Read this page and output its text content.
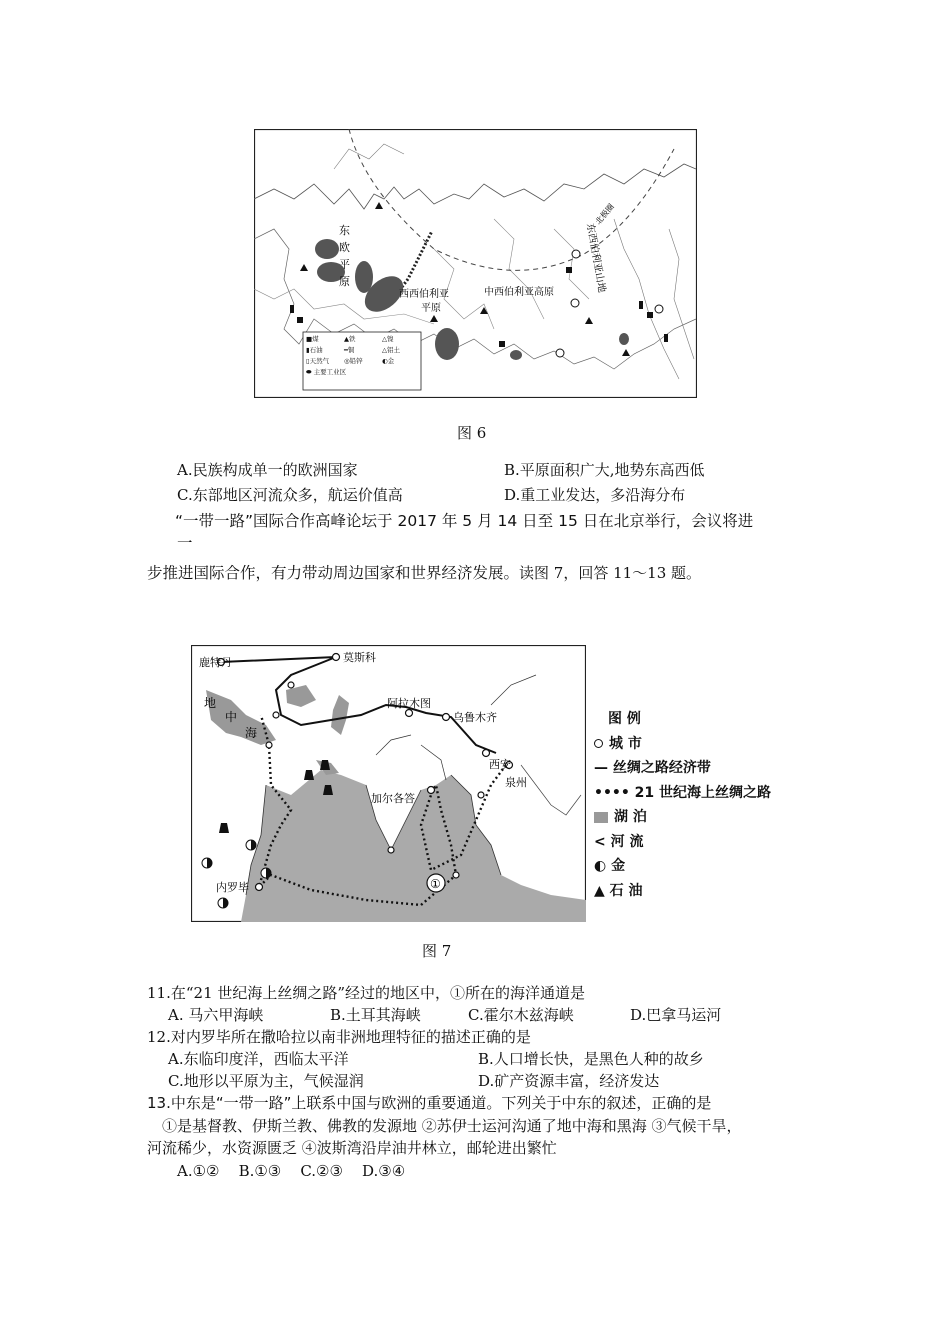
东
欧
平
原
西西伯利亚
平原
中西伯利亚高原	东西伯利亚山地
北极圈
■煤	▲铁	△镍
▮石油	━铜	△铝土
▯天然气	◎铅锌	◐金
⬬ 主要工业区
图 6
A.民族构成单一的欧洲国家	B.平原面积广大,地势东高西低
C.东部地区河流众多，航运价值高	D.重工业发达，多沿海分布
“一带一路”国际合作高峰论坛于 2017 年 5 月 14 日至 15 日在北京举行，会议将进
一
步推进国际合作，有力带动周边国家和世界经济发展。读图 7，回答 11～13 题。
鹿特丹	莫斯科
阿拉木图
乌鲁木齐
西安
泉州
加尔各答
内罗毕
地
中
海
①
图 例
城 市
— 丝绸之路经济带
•••• 21 世纪海上丝绸之路
湖 泊
< 河 流
◐ 金
▲ 石 油
图 7
11.在“21 世纪海上丝绸之路”经过的地区中，①所在的海洋通道是
A. 马六甲海峡	B.土耳其海峡	C.霍尔木兹海峡	D.巴拿马运河
12.对内罗毕所在撒哈拉以南非洲地理特征的描述正确的是
A.东临印度洋，西临太平洋	B.人口增长快，是黑色人种的故乡
C.地形以平原为主，气候湿润	D.矿产资源丰富，经济发达
13.中东是“一带一路”上联系中国与欧洲的重要通道。下列关于中东的叙述，正确的是
①是基督教、伊斯兰教、佛教的发源地 ②苏伊士运河沟通了地中海和黑海 ③气候干旱，
河流稀少，水资源匮乏 ④波斯湾沿岸油井林立，邮轮进出繁忙
A.①②    B.①③    C.②③    D.③④
